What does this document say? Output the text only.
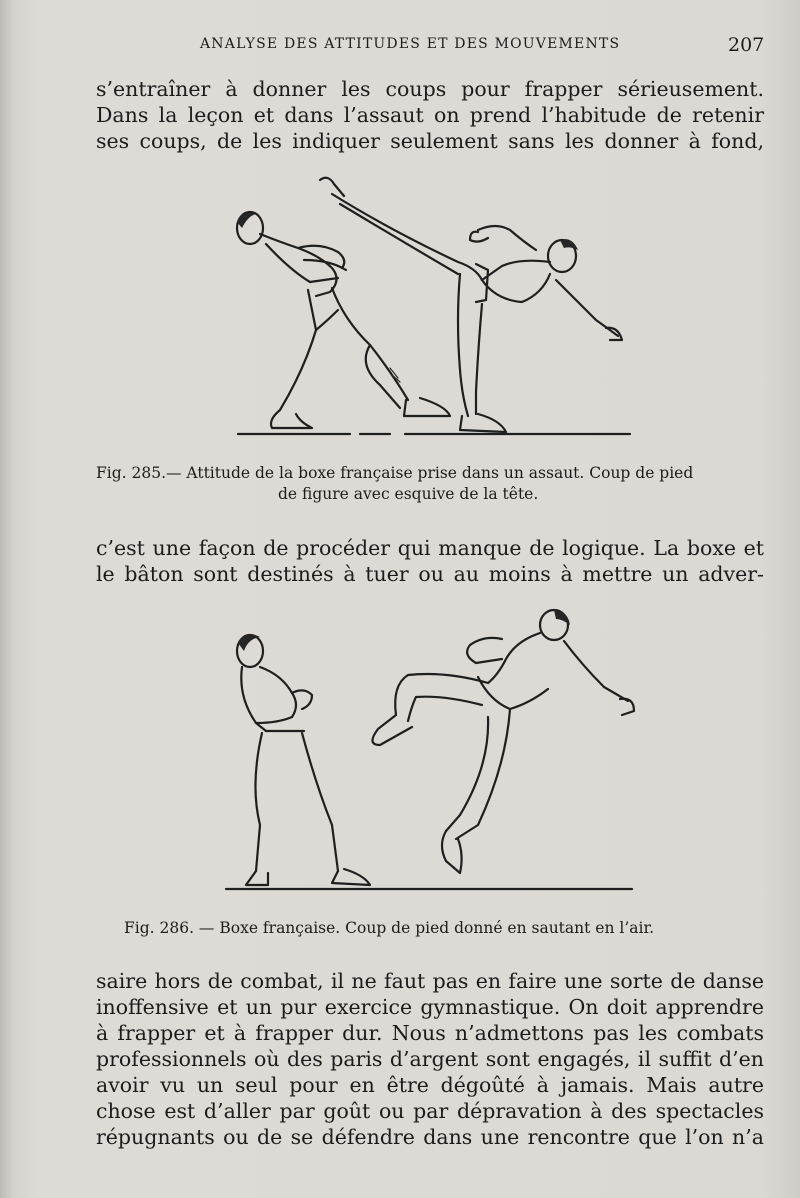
ANALYSE DES ATTITUDES ET DES MOUVEMENTS	207
s’entraîner à donner les coups pour frapper sérieusement.
Dans la leçon et dans l’assaut on prend l’habitude de retenir
ses coups, de les indiquer seulement sans les donner à fond,
Fig. 285.— Attitude de la boxe française prise dans un assaut. Coup de pied
de figure avec esquive de la tête.
c’est une façon de procéder qui manque de logique. La boxe et
le bâton sont destinés à tuer ou au moins à mettre un adver-
Fig. 286. — Boxe française. Coup de pied donné en sautant en l’air.
saire hors de combat, il ne faut pas en faire une sorte de danse
inoffensive et un pur exercice gymnastique. On doit apprendre
à frapper et à frapper dur. Nous n’admettons pas les combats
professionnels où des paris d’argent sont engagés, il suffit d’en
avoir vu un seul pour en être dégoûté à jamais. Mais autre
chose est d’aller par goût ou par dépravation à des spectacles
répugnants ou de se défendre dans une rencontre que l’on n’a
